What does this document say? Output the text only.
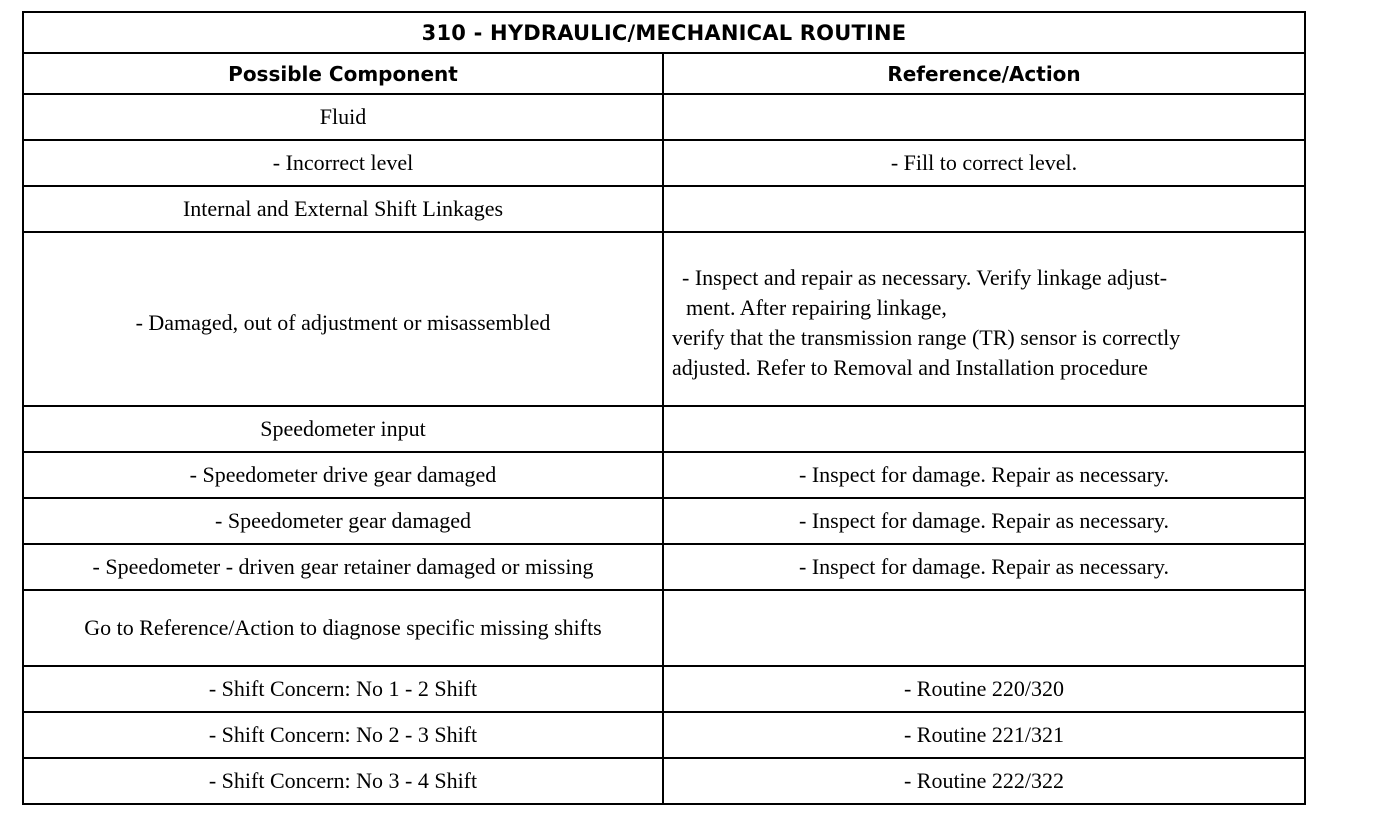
310 - HYDRAULIC/MECHANICAL ROUTINE	
Possible Component	Reference/Action
Fluid	
- Incorrect level	- Fill to correct level.
Internal and External Shift Linkages	
- Damaged, out of adjustment or misassembled	- Inspect and repair as necessary. Verify linkage adjust-
ment. After repairing linkage,
verify that the transmission range (TR) sensor is correctly
adjusted. Refer to Removal and Installation procedure

Speedometer input	
- Speedometer drive gear damaged	- Inspect for damage. Repair as necessary.
- Speedometer gear damaged	- Inspect for damage. Repair as necessary.
- Speedometer - driven gear retainer damaged or missing	- Inspect for damage. Repair as necessary.
Go to Reference/Action to diagnose specific missing shifts	
- Shift Concern: No 1 - 2 Shift	- Routine 220/320
- Shift Concern: No 2 - 3 Shift	- Routine 221/321
- Shift Concern: No 3 - 4 Shift	- Routine 222/322
